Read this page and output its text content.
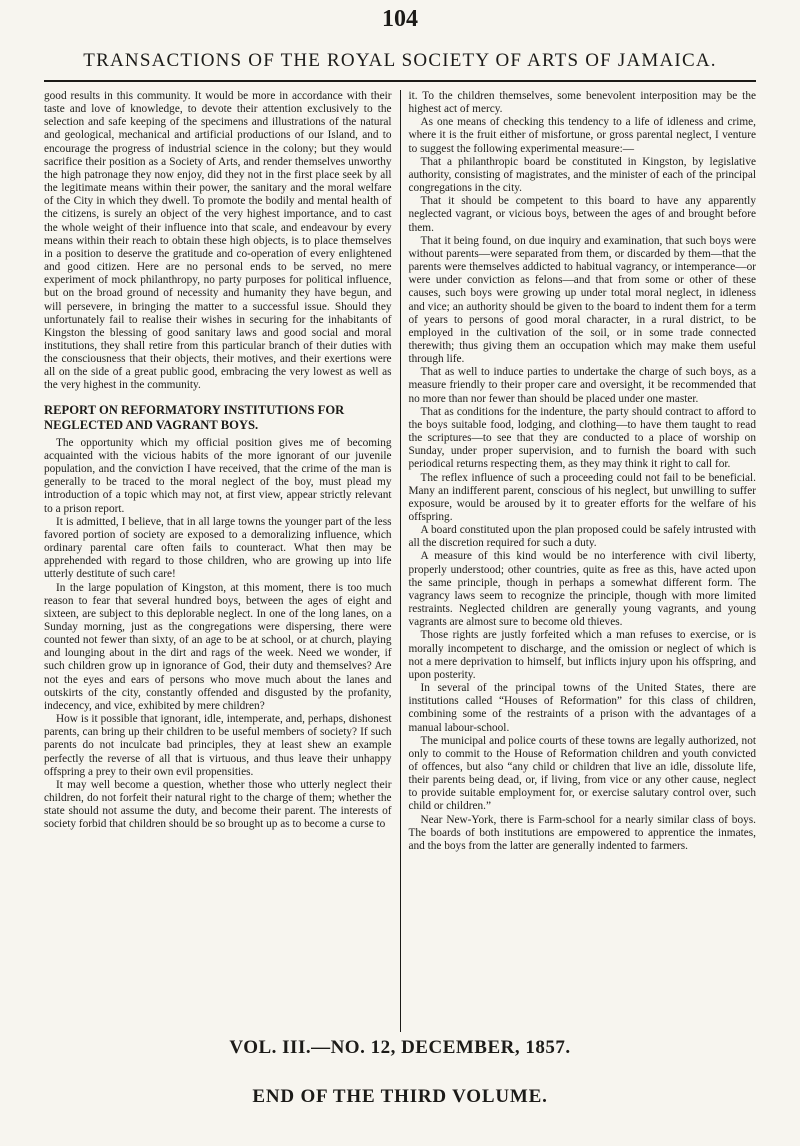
104
TRANSACTIONS OF THE ROYAL SOCIETY OF ARTS OF JAMAICA.

good results in this community. It would be more in accordance with their taste and love of knowledge, to devote their attention exclusively to the selection and safe keeping of the specimens and illustrations of the natural and geological, mechanical and artificial productions of our Island, and to encourage the progress of industrial science in the colony; but they would sacrifice their position as a Society of Arts, and render themselves unworthy the high patronage they now enjoy, did they not in the first place seek by all the legitimate means within their power, the sanitary and the moral welfare of the City in which they dwell. To promote the bodily and mental health of the citizens, is surely an object of the very highest importance, and to cast the whole weight of their influence into that scale, and endeavour by every means within their reach to obtain these high objects, is to place themselves in a position to deserve the gratitude and co-operation of every enlightened and good citizen. Here are no personal ends to be served, no mere experiment of mock philanthropy, no party purposes for political influence, but on the broad ground of necessity and humanity they have begun, and will persevere, in bringing the matter to a successful issue. Should they unfortunately fail to realise their wishes in securing for the inhabitants of Kingston the blessing of good sanitary laws and good social and moral institutions, they shall retire from this particular branch of their duties with the consciousness that their objects, their motives, and their exertions were all on the side of a great public good, embracing the very lowest as well as the very highest in the community.

REPORT ON REFORMATORY INSTITUTIONS FOR NEGLECTED AND VAGRANT BOYS.

The opportunity which my official position gives me of becoming acquainted with the vicious habits of the more ignorant of our juvenile population, and the conviction I have received, that the crime of the man is generally to be traced to the moral neglect of the boy, must plead my introduction of a topic which may not, at first view, appear strictly relevant to a prison report.

It is admitted, I believe, that in all large towns the younger part of the less favored portion of society are exposed to a demoralizing influence, which ordinary parental care often fails to counteract. What then may be apprehended with regard to those children, who are growing up into life utterly destitute of such care!

In the large population of Kingston, at this moment, there is too much reason to fear that several hundred boys, between the ages of eight and sixteen, are subject to this deplorable neglect. In one of the long lanes, on a Sunday morning, just as the congregations were dispersing, there were counted not fewer than sixty, of an age to be at school, or at church, playing and lounging about in the dirt and rags of the week. Need we wonder, if such children grow up in ignorance of God, their duty and themselves? Are not the eyes and ears of persons who move much about the lanes and outskirts of the city, constantly offended and disgusted by the profanity, indecency, and vice, exhibited by mere children?

How is it possible that ignorant, idle, intemperate, and, perhaps, dishonest parents, can bring up their children to be useful members of society? If such parents do not inculcate bad principles, they at least shew an example perfectly the reverse of all that is virtuous, and thus leave their unhappy offspring a prey to their own evil propensities.

It may well become a question, whether those who utterly neglect their children, do not forfeit their natural right to the charge of them; whether the state should not assume the duty, and become their parent. The interests of society forbid that children should be so brought up as to become a curse to

it. To the children themselves, some benevolent interposition may be the highest act of mercy.

As one means of checking this tendency to a life of idleness and crime, where it is the fruit either of misfortune, or gross parental neglect, I venture to suggest the following experimental measure:—

That a philanthropic board be constituted in Kingston, by legislative authority, consisting of magistrates, and the minister of each of the principal congregations in the city.

That it should be competent to this board to have any apparently neglected vagrant, or vicious boys, between the ages of and brought before them.

That it being found, on due inquiry and examination, that such boys were without parents—were separated from them, or discarded by them—that the parents were themselves addicted to habitual vagrancy, or intemperance—or were under conviction as felons—and that from some or other of these causes, such boys were growing up under total moral neglect, in idleness and vice; an authority should be given to the board to indent them for a term of years to persons of good moral character, in a rural district, to be employed in the cultivation of the soil, or in some trade connected therewith; thus giving them an occupation which may make them useful through life.

That as well to induce parties to undertake the charge of such boys, as a measure friendly to their proper care and oversight, it be recommended that no more than nor fewer than should be placed under one master.

That as conditions for the indenture, the party should contract to afford to the boys suitable food, lodging, and clothing—to have them taught to read the scriptures—to see that they are conducted to a place of worship on Sunday, under proper supervision, and to furnish the board with such periodical returns respecting them, as they may think it right to call for.

The reflex influence of such a proceeding could not fail to be beneficial. Many an indifferent parent, conscious of his neglect, but unwilling to suffer exposure, would be aroused by it to greater efforts for the welfare of his offspring.

A board constituted upon the plan proposed could be safely intrusted with all the discretion required for such a duty.

A measure of this kind would be no interference with civil liberty, properly understood; other countries, quite as free as this, have acted upon the same principle, though in perhaps a somewhat different form. The vagrancy laws seem to recognize the principle, though with more limited restraints. Neglected children are generally young vagrants, and young vagrants are almost sure to become old thieves.

Those rights are justly forfeited which a man refuses to exercise, or is morally incompetent to discharge, and the omission or neglect of which is not a mere deprivation to himself, but inflicts injury upon his offspring, and upon posterity.

In several of the principal towns of the United States, there are institutions called “Houses of Reformation” for this class of children, combining some of the restraints of a prison with the advantages of a manual labour-school.

The municipal and police courts of these towns are legally authorized, not only to commit to the House of Reformation children and youth convicted of offences, but also “any child or children that live an idle, dissolute life, their parents being dead, or, if living, from vice or any other cause, neglect to provide suitable employment for, or exercise salutary control over, such child or children.”

Near New-York, there is Farm-school for a nearly similar class of boys. The boards of both institutions are empowered to apprentice the inmates, and the boys from the latter are generally indented to farmers.

VOL. III.—NO. 12, DECEMBER, 1857.
END OF THE THIRD VOLUME.
